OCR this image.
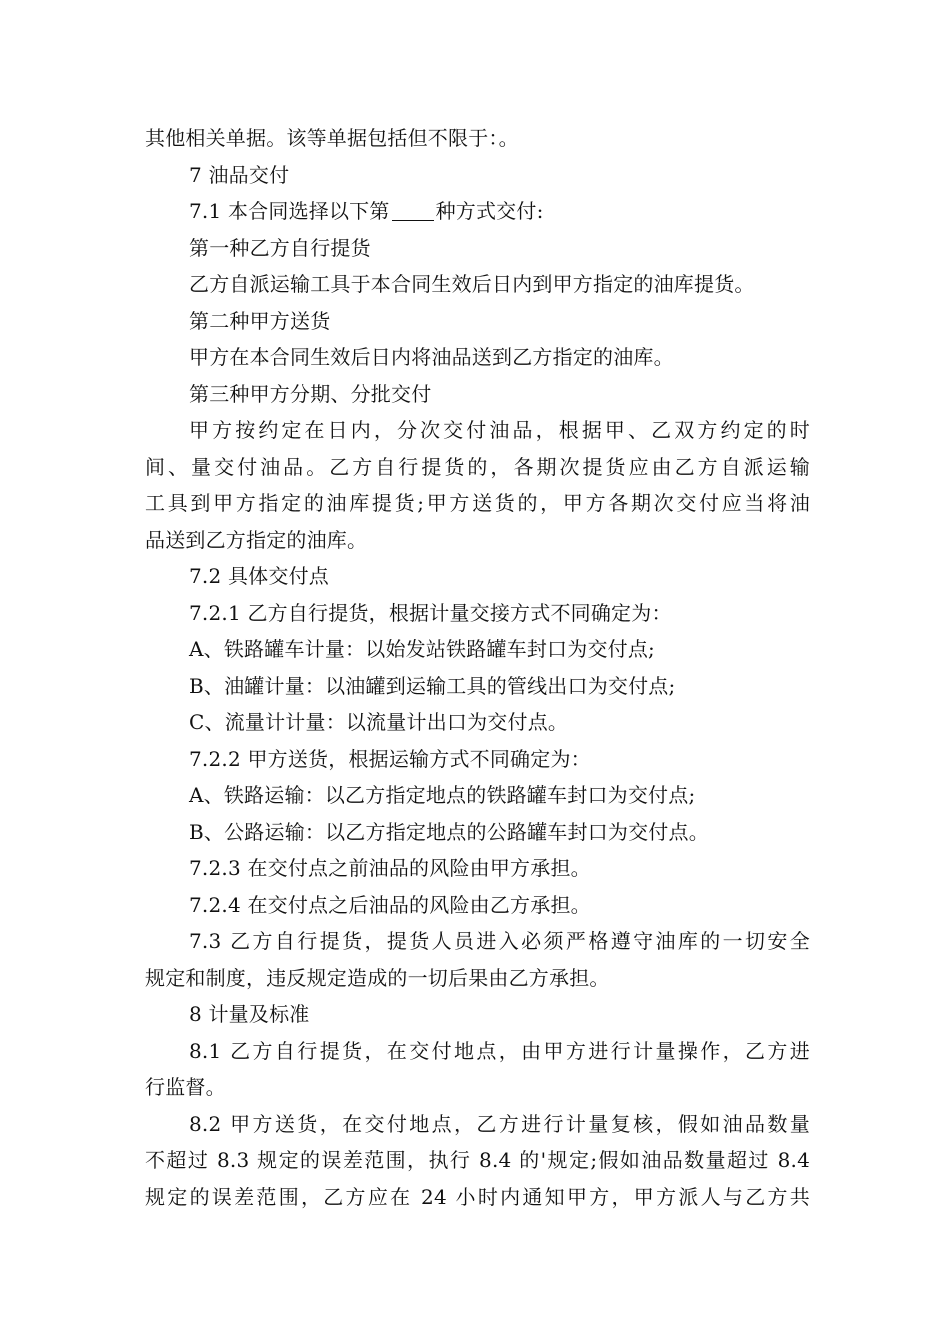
其他相关单据。该等单据包括但不限于：。
7 油品交付
7.1 本合同选择以下第 种方式交付:
第一种乙方自行提货
乙方自派运输工具于本合同生效后日内到甲方指定的油库提货。
第二种甲方送货
甲方在本合同生效后日内将油品送到乙方指定的油库。
第三种甲方分期、分批交付
甲方按约定在日内，分次交付油品，根据甲、乙双方约定的时
间、量交付油品。乙方自行提货的，各期次提货应由乙方自派运输
工具到甲方指定的油库提货;甲方送货的，甲方各期次交付应当将油
品送到乙方指定的油库。
7.2 具体交付点
7.2.1 乙方自行提货，根据计量交接方式不同确定为：
A、铁路罐车计量：以始发站铁路罐车封口为交付点;
B、油罐计量：以油罐到运输工具的管线出口为交付点;
C、流量计计量：以流量计出口为交付点。
7.2.2 甲方送货，根据运输方式不同确定为：
A、铁路运输：以乙方指定地点的铁路罐车封口为交付点;
B、公路运输：以乙方指定地点的公路罐车封口为交付点。
7.2.3 在交付点之前油品的风险由甲方承担。
7.2.4 在交付点之后油品的风险由乙方承担。
7.3 乙方自行提货，提货人员进入必须严格遵守油库的一切安全
规定和制度，违反规定造成的一切后果由乙方承担。
8 计量及标准
8.1 乙方自行提货，在交付地点，由甲方进行计量操作，乙方进
行监督。
8.2 甲方送货，在交付地点，乙方进行计量复核，假如油品数量
不超过 8.3 规定的误差范围，执行 8.4 的'规定;假如油品数量超过 8.4
规定的误差范围，乙方应在 24 小时内通知甲方，甲方派人与乙方共
